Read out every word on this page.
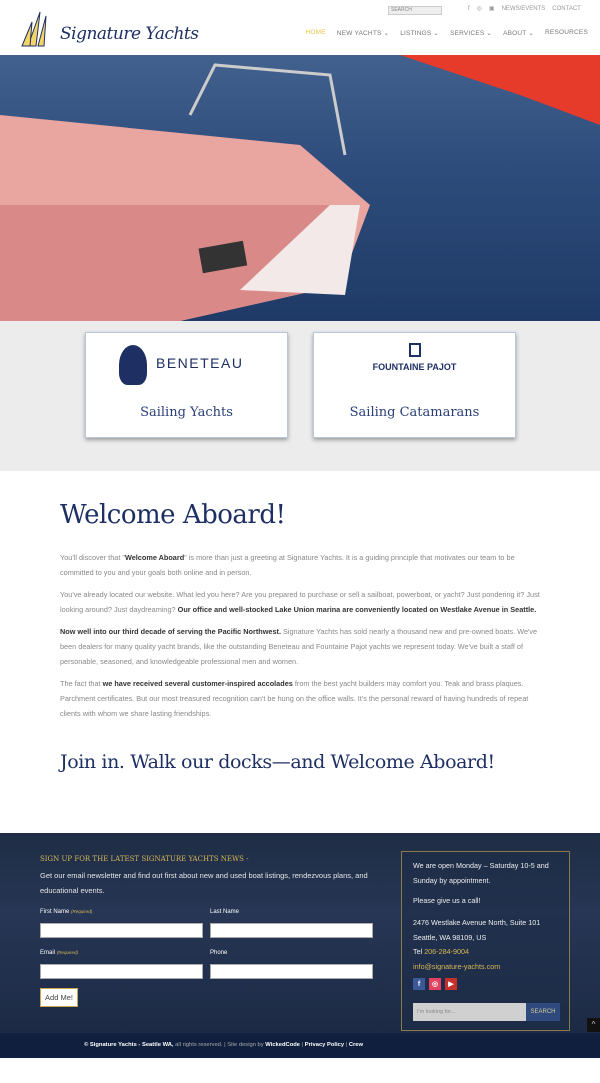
Signature Yachts
SEARCH	f ◎ ▣ NEWS/EVENTS CONTACT
HOME NEW YACHTS ⌄ LISTINGS ⌄ SERVICES ⌄ ABOUT ⌄ RESOURCES
BENETEAU
Sailing Yachts
FOUNTAINE PAJOT
Sailing Catamarans
Welcome Aboard!

You'll discover that "Welcome Aboard" is more than just a greeting at Signature Yachts. It is a guiding principle that motivates our team to be committed to you and your goals both online and in person.

You've already located our website. What led you here? Are you prepared to purchase or sell a sailboat, powerboat, or yacht? Just pondering it? Just looking around? Just daydreaming? Our office and well-stocked Lake Union marina are conveniently located on Westlake Avenue in Seattle.

Now well into our third decade of serving the Pacific Northwest. Signature Yachts has sold nearly a thousand new and pre-owned boats. We've been dealers for many quality yacht brands, like the outstanding Beneteau and Fountaine Pajot yachts we represent today. We've built a staff of personable, seasoned, and knowledgeable professional men and women.

The fact that we have received several customer-inspired accolades from the best yacht builders may comfort you. Teak and brass plaques. Parchment certificates. But our most treasured recognition can't be hung on the office walls. It's the personal reward of having hundreds of repeat clients with whom we share lasting friendships.

Join in. Walk our docks—and Welcome Aboard!
SIGN UP FOR THE LATEST SIGNATURE YACHTS NEWS -
Get our email newsletter and find out first about new and used boat listings, rendezvous plans, and educational events.
First Name (Required)	Last Name
Email (Required)	Phone
Add Me!
We are open Monday – Saturday 10-5 and Sunday by appointment.
Please give us a call!
2476 Westlake Avenue North, Suite 101
Seattle, WA 98109, US
Tel 206-284-9004
info@signature-yachts.com
f	◎	▶
I'm looking for...	SEARCH
^
© Signature Yachts - Seattle WA, all rights reserved. | Site design by WickedCode | Privacy Policy | Crew
